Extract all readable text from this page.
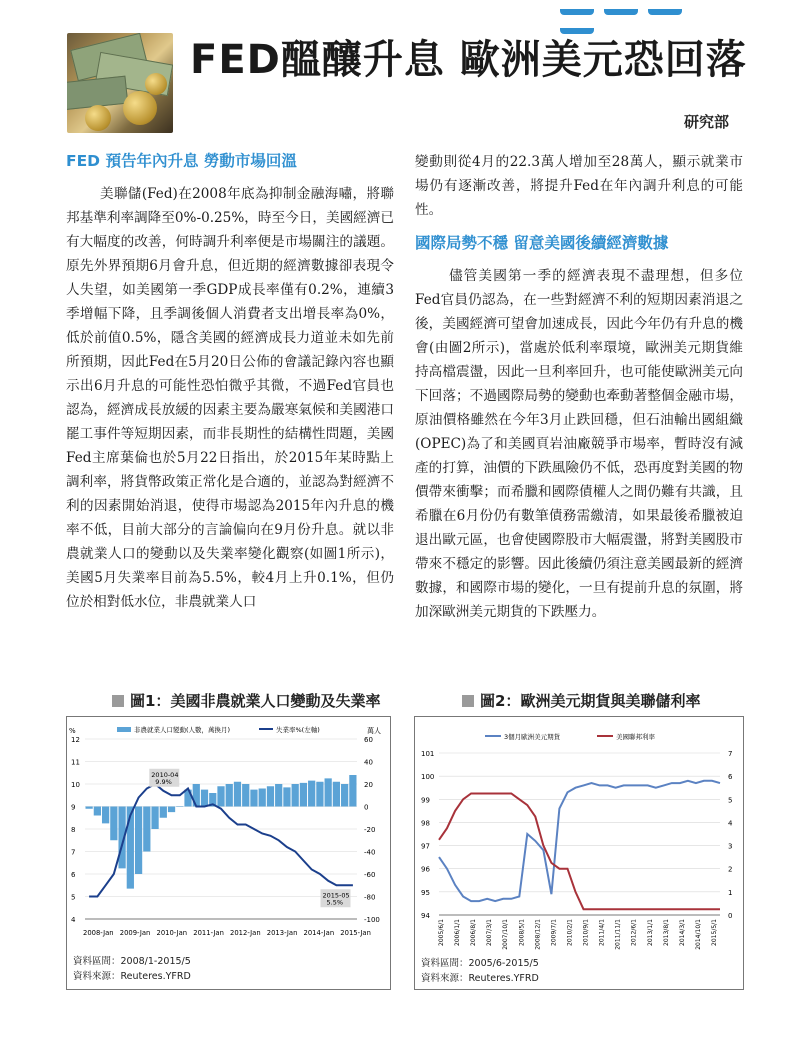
FED醞釀升息 歐洲美元恐回落
研究部
FED 預告年內升息 勞動市場回溫

美聯儲(Fed)在2008年底為抑制金融海嘯，將聯邦基準利率調降至0%-0.25%，時至今日，美國經濟已有大幅度的改善，何時調升利率便是市場關注的議題。原先外界預期6月會升息，但近期的經濟數據卻表現令人失望，如美國第一季GDP成長率僅有0.2%，連續3季增幅下降，且季調後個人消費者支出增長率為0%，低於前值0.5%，隱含美國的經濟成長力道並未如先前所預期，因此Fed在5月20日公佈的會議記錄內容也顯示出6月升息的可能性恐怕微乎其微，不過Fed官員也認為，經濟成長放緩的因素主要為嚴寒氣候和美國港口罷工事件等短期因素，而非長期性的結構性問題，美國Fed主席葉倫也於5月22日指出，於2015年某時點上調利率，將貨幣政策正常化是合適的，並認為對經濟不利的因素開始消退，使得市場認為2015年內升息的機率不低，目前大部分的言論偏向在9月份升息。就以非農就業人口的變動以及失業率變化觀察(如圖1所示)，美國5月失業率目前為5.5%，較4月上升0.1%，但仍位於相對低水位，非農就業人口

變動則從4月的22.3萬人增加至28萬人，顯示就業市場仍有逐漸改善，將提升Fed在年內調升利息的可能性。

國際局勢不穩 留意美國後續經濟數據

儘管美國第一季的經濟表現不盡理想，但多位Fed官員仍認為，在一些對經濟不利的短期因素消退之後，美國經濟可望會加速成長，因此今年仍有升息的機會(由圖2所示)，當處於低利率環境，歐洲美元期貨維持高檔震盪，因此一旦利率回升，也可能使歐洲美元向下回落；不過國際局勢的變動也牽動著整個金融市場，原油價格雖然在今年3月止跌回穩，但石油輸出國組織(OPEC)為了和美國頁岩油廠競爭市場率，暫時沒有減產的打算，油價的下跌風險仍不低，恐再度對美國的物價帶來衝擊；而希臘和國際債權人之間仍難有共識，且希臘在6月份仍有數筆債務需繳清，如果最後希臘被迫退出歐元區，也會使國際股市大幅震盪，將對美國股市帶來不穩定的影響。因此後續仍須注意美國最新的經濟數據，和國際市場的變化，一旦有提前升息的氛圍，將加深歐洲美元期貨的下跌壓力。

圖1：美國非農就業人口變動及失業率	圖2：歐洲美元期貨與美聯儲利率
%	萬人
非農就業人口變動(人數，萬換月)	失業率%(左軸)
4
5
6
7
8
9
10
11
12
-100
-80
-60
-40
-20
0
20
40
60
2008-Jan 2009-Jan 2010-Jan 2011-Jan 2012-Jan 2013-Jan 2014-Jan 2015-Jan
2010-04
9.9%
2015-05
5.5%
資料區間：2008/1-2015/5
資料來源：Reuteres.YFRD
3個月歐洲美元期貨	美國聯邦利率
94
95
96
97
98
99
100
101
0
1
2
3
4
5
6
7
2005/6/1 2006/1/1 2006/8/1 2007/3/1 2007/10/1 2008/5/1 2008/12/1 2009/7/1 2010/2/1 2010/9/1 2011/4/1 2011/11/1 2012/6/1 2013/1/1 2013/8/1 2014/3/1 2014/10/1 2015/5/1
資料區間：2005/6-2015/5
資料來源：Reuteres.YFRD
